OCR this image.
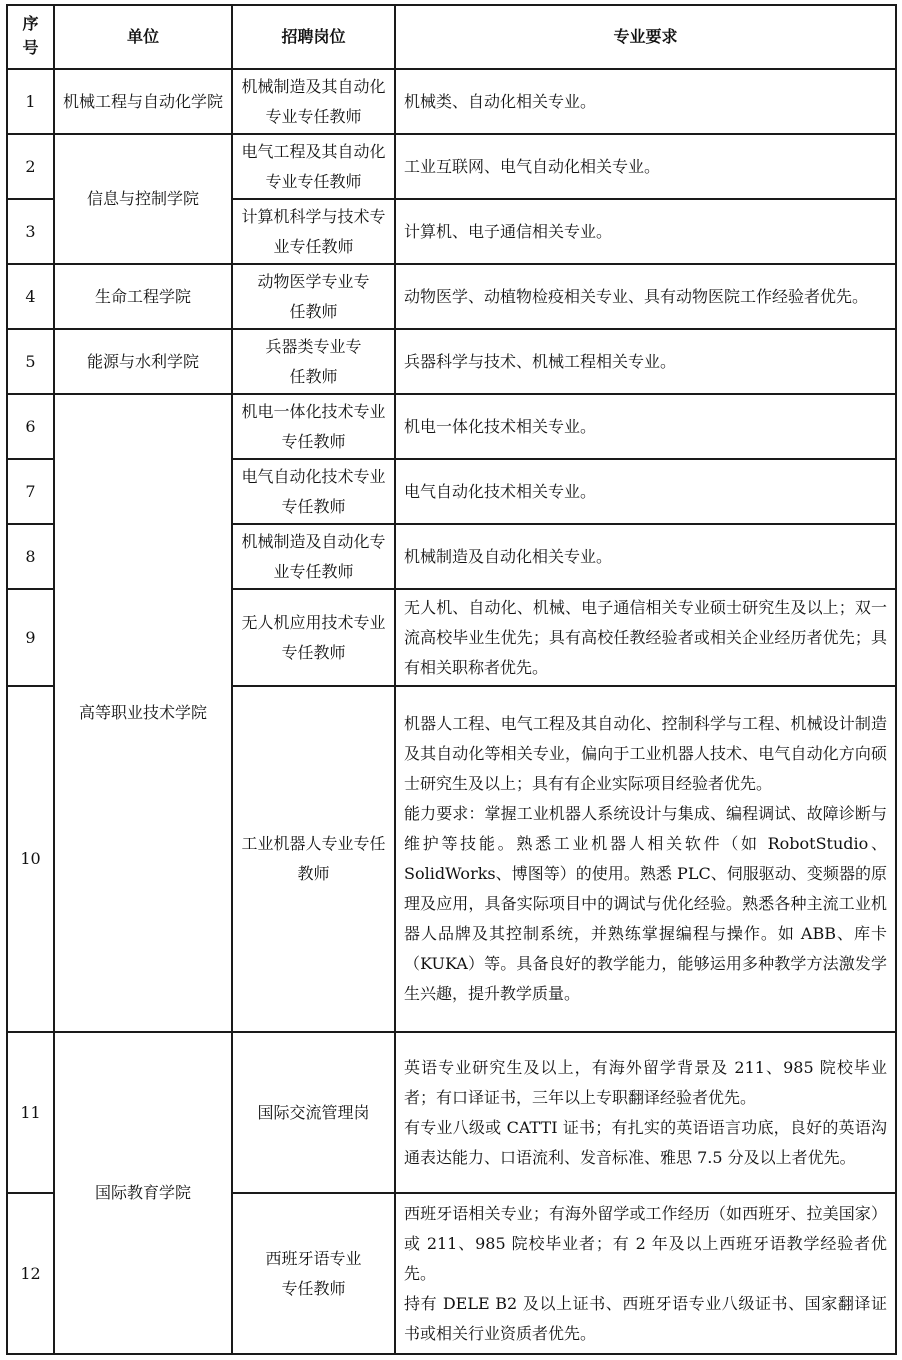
序号	单位	招聘岗位	专业要求
1	机械工程与自动化学院	机械制造及其自动化专业专任教师	机械类、自动化相关专业。
2	信息与控制学院	电气工程及其自动化专业专任教师	工业互联网、电气自动化相关专业。
3		计算机科学与技术专业专任教师	计算机、电子通信相关专业。
4	生命工程学院	动物医学专业专任教师	动物医学、动植物检疫相关专业、具有动物医院工作经验者优先。
5	能源与水利学院	兵器类专业专任教师	兵器科学与技术、机械工程相关专业。
6	高等职业技术学院	机电一体化技术专业专任教师	机电一体化技术相关专业。
7		电气自动化技术专业专任教师	电气自动化技术相关专业。
8		机械制造及自动化专业专任教师	机械制造及自动化相关专业。
9		无人机应用技术专业专任教师	无人机、自动化、机械、电子通信相关专业硕士研究生及以上；双一流高校毕业生优先；具有高校任教经验者或相关企业经历者优先；具有相关职称者优先。
10		工业机器人专业专任教师	机器人工程、电气工程及其自动化、控制科学与工程、机械设计制造及其自动化等相关专业，偏向于工业机器人技术、电气自动化方向硕士研究生及以上；具有有企业实际项目经验者优先。
能力要求：掌握工业机器人系统设计与集成、编程调试、故障诊断与维护等技能。熟悉工业机器人相关软件（如 RobotStudio、SolidWorks、博图等）的使用。熟悉 PLC、伺服驱动、变频器的原理及应用，具备实际项目中的调试与优化经验。熟悉各种主流工业机器人品牌及其控制系统，并熟练掌握编程与操作。如 ABB、库卡（KUKA）等。具备良好的教学能力，能够运用多种教学方法激发学生兴趣，提升教学质量。

11	国际教育学院	国际交流管理岗	英语专业研究生及以上，有海外留学背景及 211、985 院校毕业者；有口译证书，三年以上专职翻译经验者优先。
有专业八级或 CATTI 证书；有扎实的英语语言功底，良好的英语沟通表达能力、口语流利、发音标准、雅思 7.5 分及以上者优先。

12		西班牙语专业专任教师	西班牙语相关专业；有海外留学或工作经历（如西班牙、拉美国家）或 211、985 院校毕业者；有 2 年及以上西班牙语教学经验者优先。
持有 DELE B2 及以上证书、西班牙语专业八级证书、国家翻译证书或相关行业资质者优先。
